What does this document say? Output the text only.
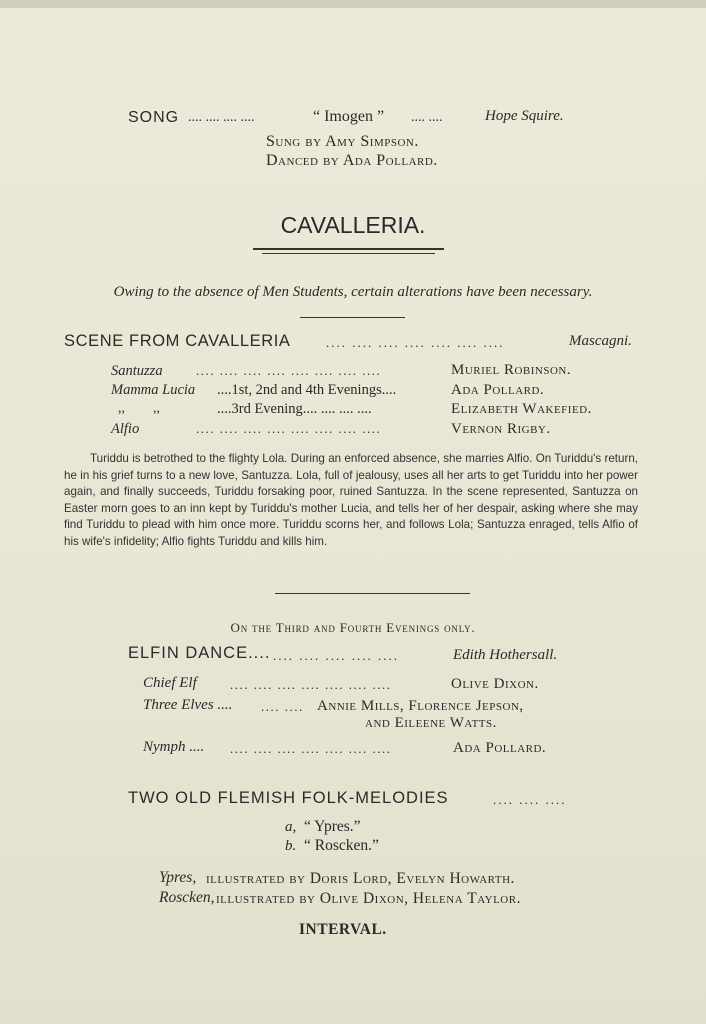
SONG .... .... .... ....	“ Imogen ” .... ....	Hope Squire.
Sung by Amy Simpson.
Danced by Ada Pollard.
CAVALLERIA.
Owing to the absence of Men Students, certain alterations have been necessary.
SCENE FROM CAVALLERIA	.... .... .... .... .... .... ....	Mascagni.
Santuzza	.... .... .... .... .... .... .... ....	Muriel Robinson.
Mamma Lucia ....1st, 2nd and 4th Evenings....	Ada Pollard.
,,        ,,	....3rd Evening.... .... .... ....	Elizabeth Wakefied.
Alfio	.... .... .... .... .... .... .... ....	Vernon Rigby.
Turiddu is betrothed to the flighty Lola. During an enforced absence, she marries Alfio. On Turiddu's return, he in his grief turns to a new love, Santuzza. Lola, full of jealousy, uses all her arts to get Turiddu into her power again, and finally succeeds, Turiddu forsaking poor, ruined Santuzza. In the scene represented, Santuzza on Easter morn goes to an inn kept by Turiddu's mother Lucia, and tells her of her despair, asking where she may find Turiddu to plead with him once more. Turiddu scorns her, and follows Lola; Santuzza enraged, tells Alfio of his wife's infidelity; Alfio fights Turiddu and kills him.
On the Third and Fourth Evenings only.
ELFIN DANCE.... .... .... .... .... ....	Edith Hothersall.
Chief Elf	.... .... .... .... .... .... ....	Olive Dixon.
Three Elves .... .... .... Annie Mills, Florence Jepson,
and Eileene Watts.
Nymph .... .... .... .... .... .... .... ....	Ada Pollard.
TWO OLD FLEMISH FOLK-MELODIES	.... .... ....
a, “ Ypres.”
b. “ Roscken.”
Ypres, illustrated by Doris Lord, Evelyn Howarth.
Roscken, illustrated by Olive Dixon, Helena Taylor.
INTERVAL.
